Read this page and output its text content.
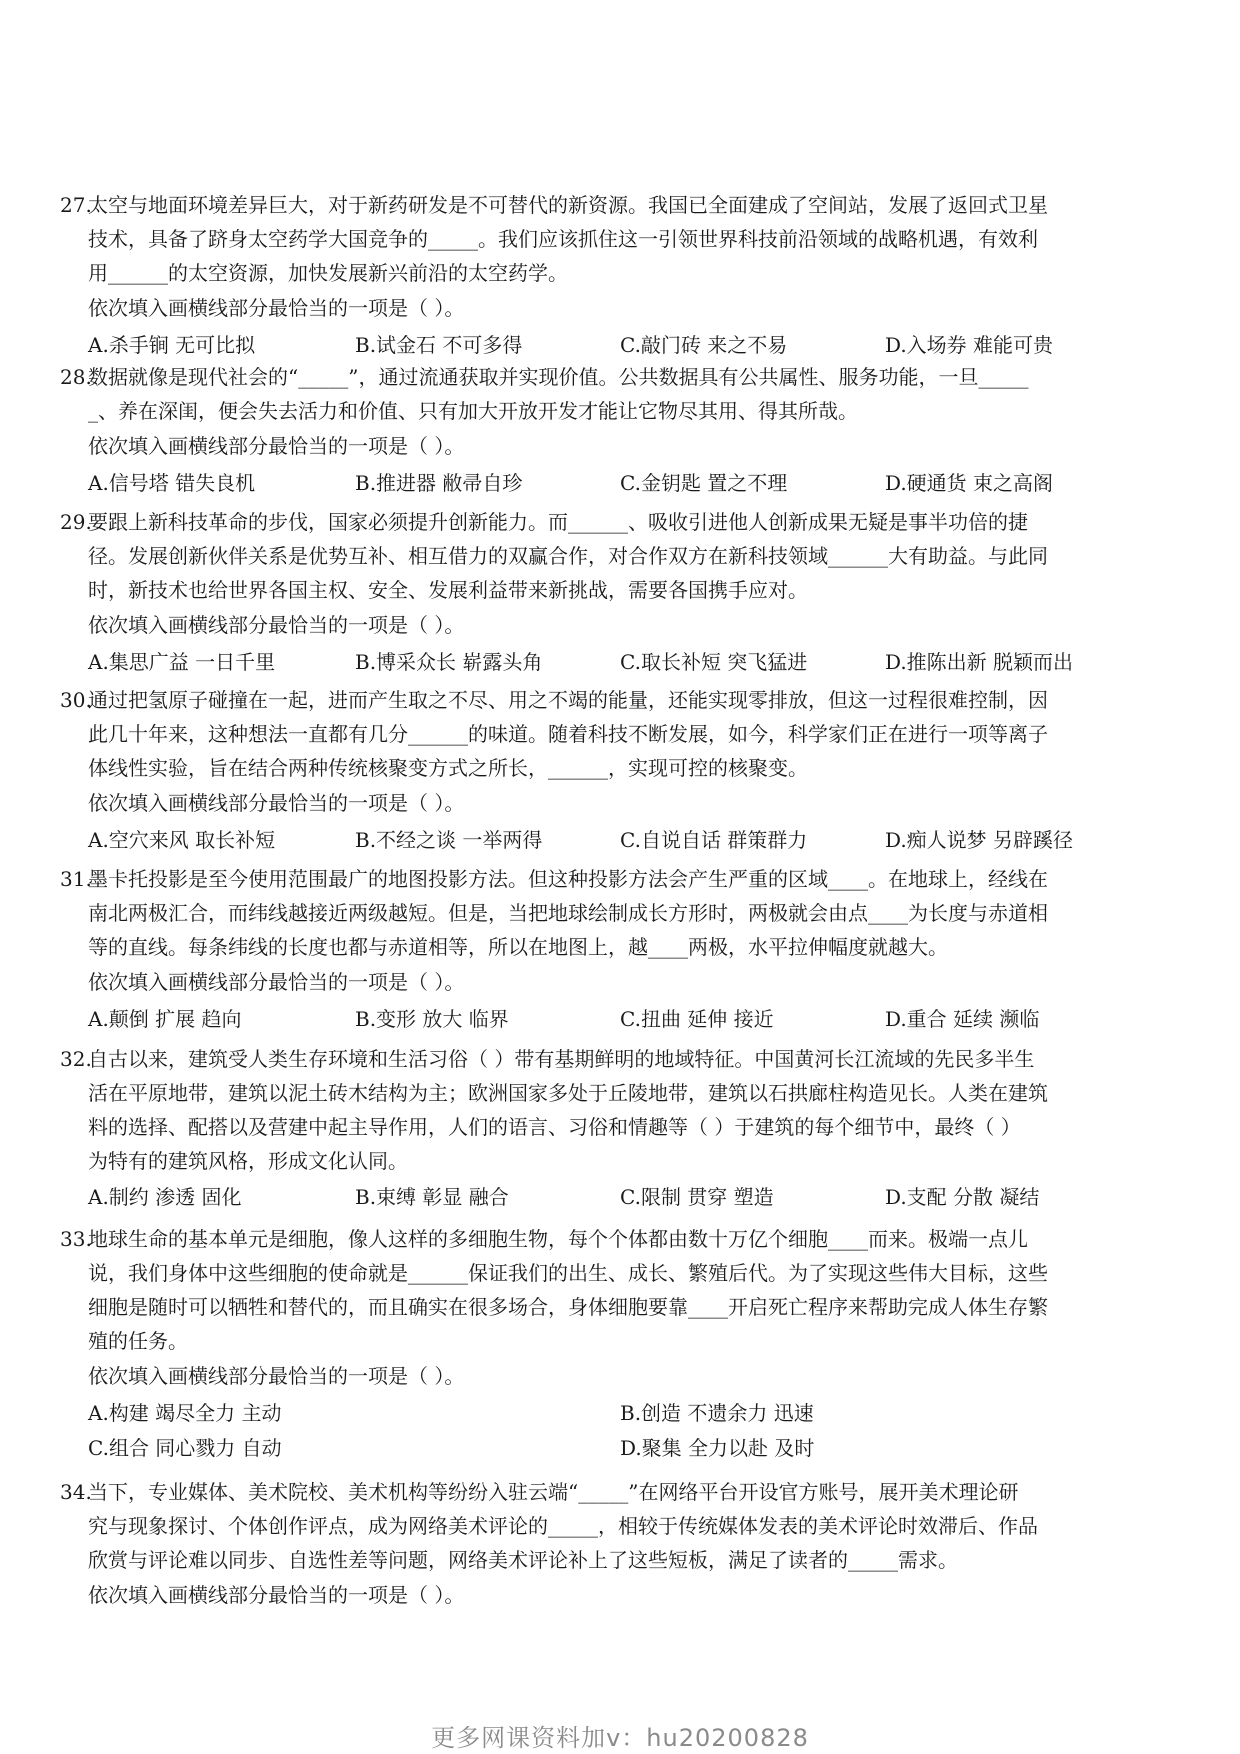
27.
太空与地面环境差异巨大，对于新药研发是不可替代的新资源。我国已全面建成了空间站，发展了返回式卫星
技术，具备了跻身太空药学大国竞争的_____。我们应该抓住这一引领世界科技前沿领域的战略机遇，有效利
用______的太空资源，加快发展新兴前沿的太空药学。
依次填入画横线部分最恰当的一项是（ ）。
A.杀手锏 无可比拟	B.试金石 不可多得	C.敲门砖 来之不易	D.入场券 难能可贵
28.
数据就像是现代社会的“_____”，通过流通获取并实现价值。公共数据具有公共属性、服务功能，一旦_____
_、养在深闺，便会失去活力和价值、只有加大开放开发才能让它物尽其用、得其所哉。
依次填入画横线部分最恰当的一项是（ ）。
A.信号塔 错失良机	B.推进器 敝帚自珍	C.金钥匙 置之不理	D.硬通货 束之高阁
29.
要跟上新科技革命的步伐，国家必须提升创新能力。而______、吸收引进他人创新成果无疑是事半功倍的捷
径。发展创新伙伴关系是优势互补、相互借力的双赢合作，对合作双方在新科技领域______大有助益。与此同
时，新技术也给世界各国主权、安全、发展利益带来新挑战，需要各国携手应对。
依次填入画横线部分最恰当的一项是（ ）。
A.集思广益 一日千里	B.博采众长 崭露头角	C.取长补短 突飞猛进	D.推陈出新 脱颖而出
30.
通过把氢原子碰撞在一起，进而产生取之不尽、用之不竭的能量，还能实现零排放，但这一过程很难控制，因
此几十年来，这种想法一直都有几分______的味道。随着科技不断发展，如今，科学家们正在进行一项等离子
体线性实验，旨在结合两种传统核聚变方式之所长，______，实现可控的核聚变。
依次填入画横线部分最恰当的一项是（ ）。
A.空穴来风 取长补短	B.不经之谈 一举两得	C.自说自话 群策群力	D.痴人说梦 另辟蹊径
31.
墨卡托投影是至今使用范围最广的地图投影方法。但这种投影方法会产生严重的区域____。在地球上，经线在
南北两极汇合，而纬线越接近两级越短。但是，当把地球绘制成长方形时，两极就会由点____为长度与赤道相
等的直线。每条纬线的长度也都与赤道相等，所以在地图上，越____两极，水平拉伸幅度就越大。
依次填入画横线部分最恰当的一项是（ ）。
A.颠倒 扩展 趋向	B.变形 放大 临界	C.扭曲 延伸 接近	D.重合 延续 濒临
32.
自古以来，建筑受人类生存环境和生活习俗（ ）带有基期鲜明的地域特征。中国黄河长江流域的先民多半生
活在平原地带，建筑以泥土砖木结构为主；欧洲国家多处于丘陵地带，建筑以石拱廊柱构造见长。人类在建筑
料的选择、配搭以及营建中起主导作用，人们的语言、习俗和情趣等（ ）于建筑的每个细节中，最终（ ）
为特有的建筑风格，形成文化认同。
A.制约 渗透 固化	B.束缚 彰显 融合	C.限制 贯穿 塑造	D.支配 分散 凝结
33.
地球生命的基本单元是细胞，像人这样的多细胞生物，每个个体都由数十万亿个细胞____而来。极端一点儿
说，我们身体中这些细胞的使命就是______保证我们的出生、成长、繁殖后代。为了实现这些伟大目标，这些
细胞是随时可以牺牲和替代的，而且确实在很多场合，身体细胞要靠____开启死亡程序来帮助完成人体生存繁
殖的任务。
依次填入画横线部分最恰当的一项是（ ）。
A.构建 竭尽全力 主动	B.创造 不遗余力 迅速
C.组合 同心戮力 自动	D.聚集 全力以赴 及时
34.
当下，专业媒体、美术院校、美术机构等纷纷入驻云端“_____”在网络平台开设官方账号，展开美术理论研
究与现象探讨、个体创作评点，成为网络美术评论的_____，相较于传统媒体发表的美术评论时效滞后、作品
欣赏与评论难以同步、自选性差等问题，网络美术评论补上了这些短板，满足了读者的_____需求。
依次填入画横线部分最恰当的一项是（ ）。
更多网课资料加v：hu20200828
